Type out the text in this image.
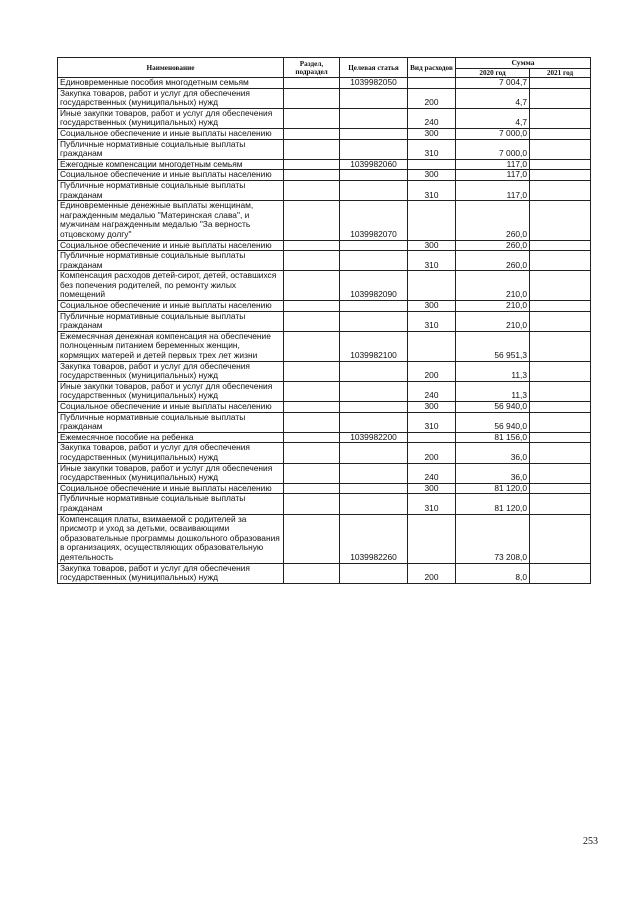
Наименование	Раздел, подраздел	Целевая статья	Вид расходов	Сумма	
				2020 год	2021 год
Единовременные пособия многодетным семьям		1039982050		7 004,7	
Закупка товаров, работ и услуг для обеспечения государственных (муниципальных) нужд			200	4,7	
Иные закупки товаров, работ и услуг для обеспечения государственных (муниципальных) нужд			240	4,7	
Социальное обеспечение и иные выплаты населению			300	7 000,0	
Публичные нормативные социальные выплаты гражданам			310	7 000,0	
Ежегодные компенсации многодетным семьям		1039982060		117,0	
Социальное обеспечение и иные выплаты населению			300	117,0	
Публичные нормативные социальные выплаты гражданам			310	117,0	
Единовременные денежные выплаты женщинам, награжденным медалью "Материнская слава", и мужчинам награжденным медалью "За верность отцовскому долгу"		1039982070		260,0	
Социальное обеспечение и иные выплаты населению			300	260,0	
Публичные нормативные социальные выплаты гражданам			310	260,0	
Компенсация расходов детей-сирот, детей, оставшихся без попечения родителей, по ремонту жилых помещений		1039982090		210,0	
Социальное обеспечение и иные выплаты населению			300	210,0	
Публичные нормативные социальные выплаты гражданам			310	210,0	
Ежемесячная денежная компенсация на обеспечение полноценным питанием беременных женщин, кормящих матерей и детей первых трех лет жизни		1039982100		56 951,3	
Закупка товаров, работ и услуг для обеспечения государственных (муниципальных) нужд			200	11,3	
Иные закупки товаров, работ и услуг для обеспечения государственных (муниципальных) нужд			240	11,3	
Социальное обеспечение и иные выплаты населению			300	56 940,0	
Публичные нормативные социальные выплаты гражданам			310	56 940,0	
Ежемесячное пособие на ребенка		1039982200		81 156,0	
Закупка товаров, работ и услуг для обеспечения государственных (муниципальных) нужд			200	36,0	
Иные закупки товаров, работ и услуг для обеспечения государственных (муниципальных) нужд			240	36,0	
Социальное обеспечение и иные выплаты населению			300	81 120,0	
Публичные нормативные социальные выплаты гражданам			310	81 120,0	
Компенсация платы, взимаемой с родителей за присмотр и уход за детьми, осваивающими образовательные программы дошкольного образования в организациях, осуществляющих образовательную деятельность		1039982260		73 208,0	
Закупка товаров, работ и услуг для обеспечения государственных (муниципальных) нужд			200	8,0	
253
